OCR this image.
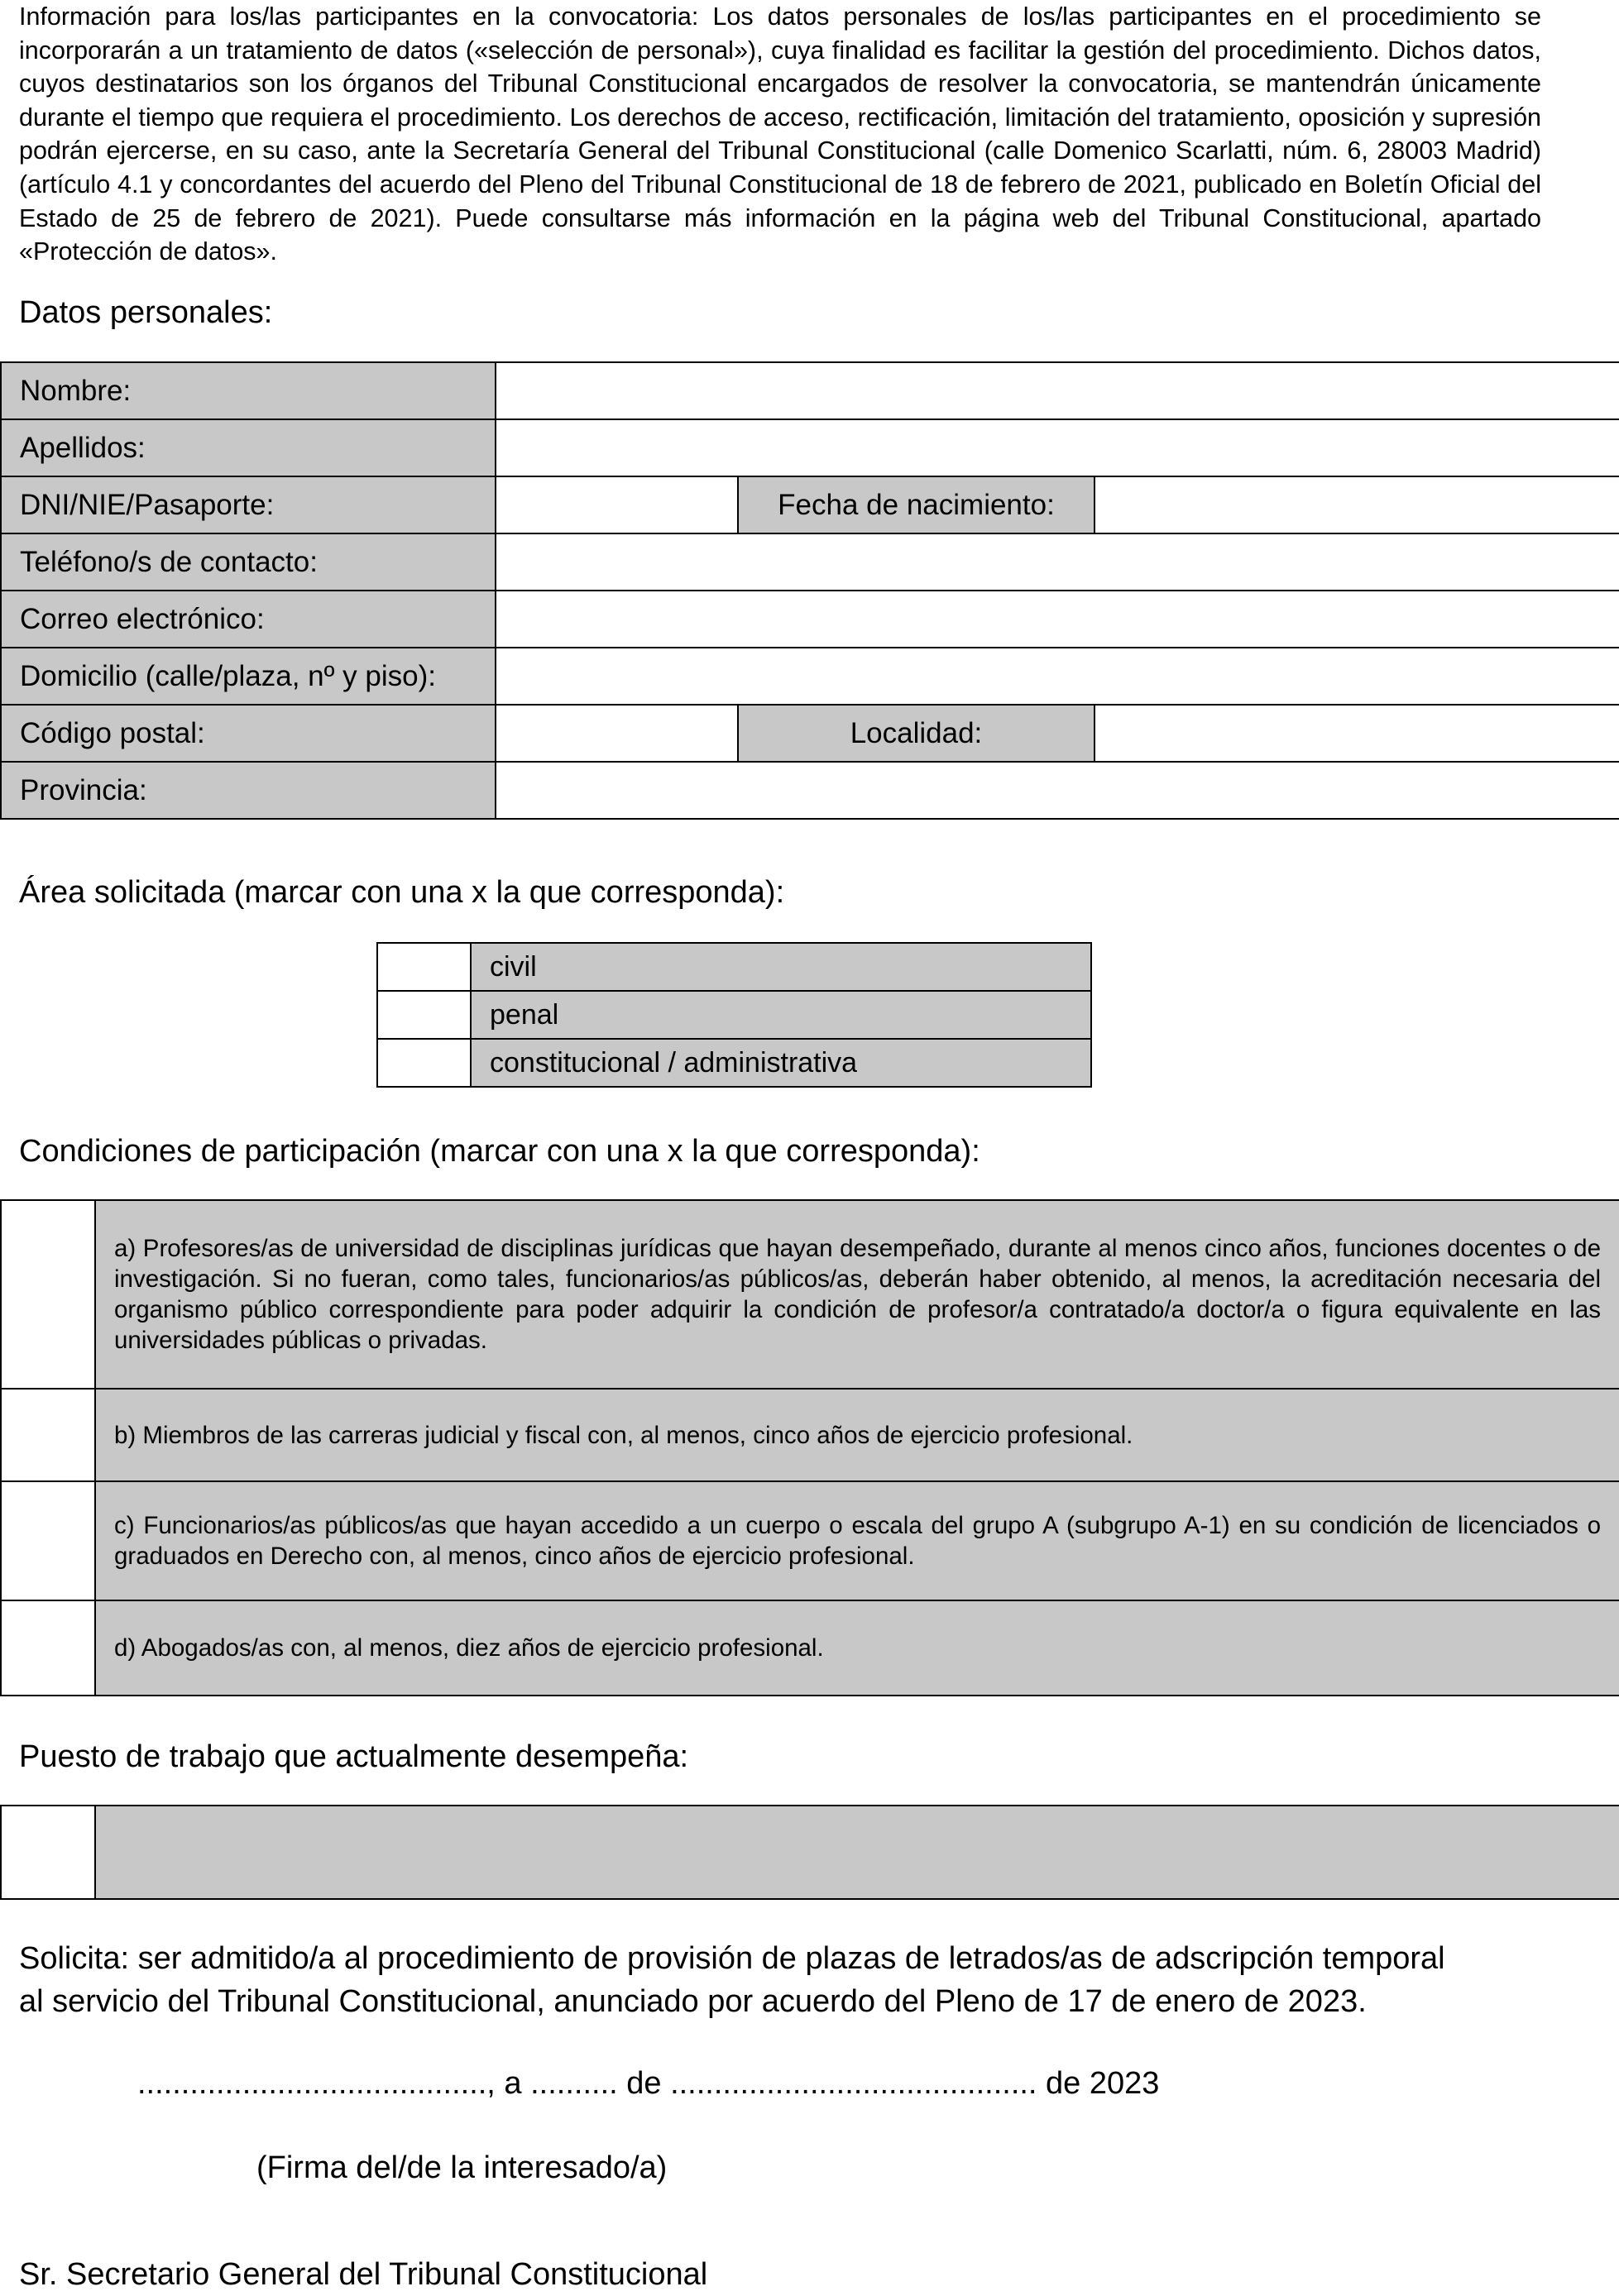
Información para los/las participantes en la convocatoria: Los datos personales de los/las participantes en el procedimiento se incorporarán a un tratamiento de datos («selección de personal»), cuya finalidad es facilitar la gestión del procedimiento. Dichos datos, cuyos destinatarios son los órganos del Tribunal Constitucional encargados de resolver la convocatoria, se mantendrán únicamente durante el tiempo que requiera el procedimiento. Los derechos de acceso, rectificación, limitación del tratamiento, oposición y supresión podrán ejercerse, en su caso, ante la Secretaría General del Tribunal Constitucional (calle Domenico Scarlatti, núm. 6, 28003 Madrid) (artículo 4.1 y concordantes del acuerdo del Pleno del Tribunal Constitucional de 18 de febrero de 2021, publicado en Boletín Oficial del Estado de 25 de febrero de 2021). Puede consultarse más información en la página web del Tribunal Constitucional, apartado «Protección de datos».
Datos personales:
Nombre:	
Apellidos:	
DNI/NIE/Pasaporte:		Fecha de nacimiento:	
Teléfono/s de contacto:	
Correo electrónico:	
Domicilio (calle/plaza, nº y piso):	
Código postal:		Localidad:	
Provincia:	
Área solicitada (marcar con una x la que corresponda):
	civil
	penal
	constitucional / administrativa
Condiciones de participación (marcar con una x la que corresponda):
	a) Profesores/as de universidad de disciplinas jurídicas que hayan desempeñado, durante al menos cinco años, funciones docentes o de investigación. Si no fueran, como tales, funcionarios/as públicos/as, deberán haber obtenido, al menos, la acreditación necesaria del organismo público correspondiente para poder adquirir la condición de profesor/a contratado/a doctor/a o figura equivalente en las universidades públicas o privadas.
	b) Miembros de las carreras judicial y fiscal con, al menos, cinco años de ejercicio profesional.
	c) Funcionarios/as públicos/as que hayan accedido a un cuerpo o escala del grupo A (subgrupo A-1) en su condición de licenciados o graduados en Derecho con, al menos, cinco años de ejercicio profesional.
	d) Abogados/as con, al menos, diez años de ejercicio profesional.
Puesto de trabajo que actualmente desempeña:

Solicita: ser admitido/a al procedimiento de provisión de plazas de letrados/as de adscripción temporal
al servicio del Tribunal Constitucional, anunciado por acuerdo del Pleno de 17 de enero de 2023.
........................................, a .......... de .......................................... de 2023
(Firma del/de la interesado/a)
Sr. Secretario General del Tribunal Constitucional
